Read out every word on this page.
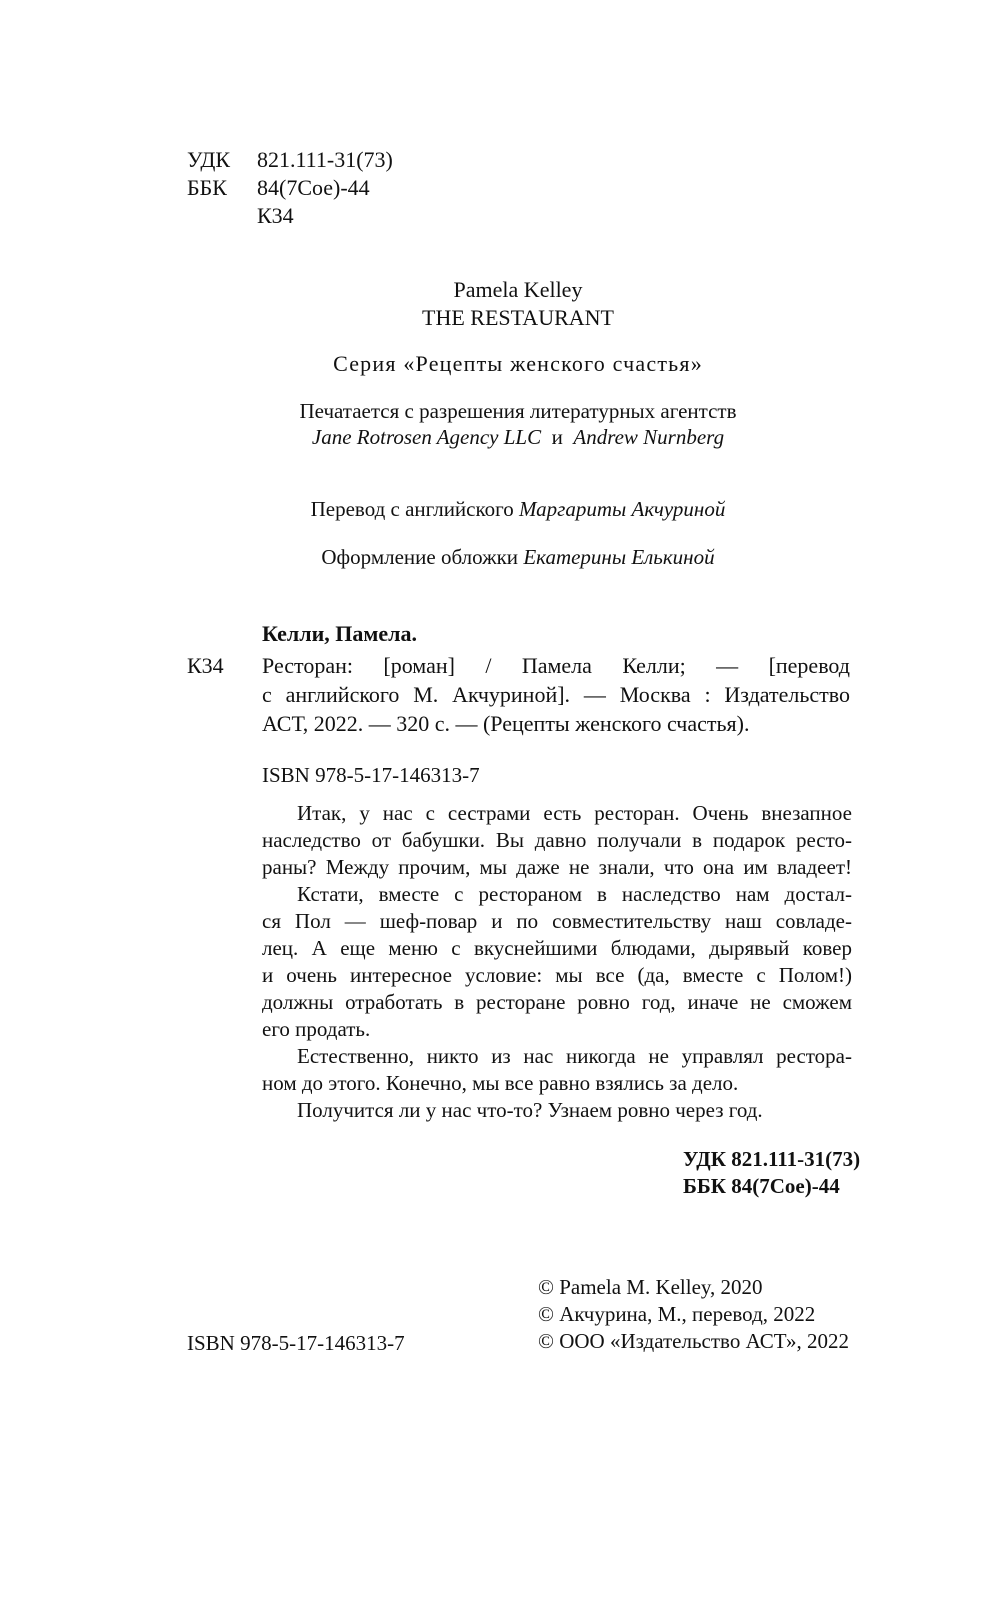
УДК 821.111-31(73)
ББК 84(7Сое)-44
К34
Pamela Kelley
THE RESTAURANT
Серия «Рецепты женского счастья»
Печатается с разрешения литературных агентств
Jane Rotrosen Agency LLC и Andrew Nurnberg
Перевод с английского Маргариты Акчуриной
Оформление обложки Екатерины Елькиной
Келли, Памела.
К34 Ресторан: [роман] / Памела Келли; — [перевод
с английского М. Акчуриной]. — Москва : Издательство
АСТ, 2022. — 320 с. — (Рецепты женского счастья).
ISBN 978-5-17-146313-7
Итак, у нас с сестрами есть ресторан. Очень внезапное
наследство от бабушки. Вы давно получали в подарок ресто-
раны? Между прочим, мы даже не знали, что она им владеет!
Кстати, вместе с рестораном в наследство нам достал-
ся Пол — шеф-повар и по совместительству наш совладе-
лец. А еще меню с вкуснейшими блюдами, дырявый ковер
и очень интересное условие: мы все (да, вместе с Полом!)
должны отработать в ресторане ровно год, иначе не сможем
его продать.
Естественно, никто из нас никогда не управлял ресторa-
ном до этого. Конечно, мы все равно взялись за дело.
Получится ли у нас что-то? Узнаем ровно через год.
УДК 821.111-31(73)
ББК 84(7Сое)-44
ISBN 978-5-17-146313-7
© Pamela M. Kelley, 2020
© Акчурина, М., перевод, 2022
© ООО «Издательство АСТ», 2022
